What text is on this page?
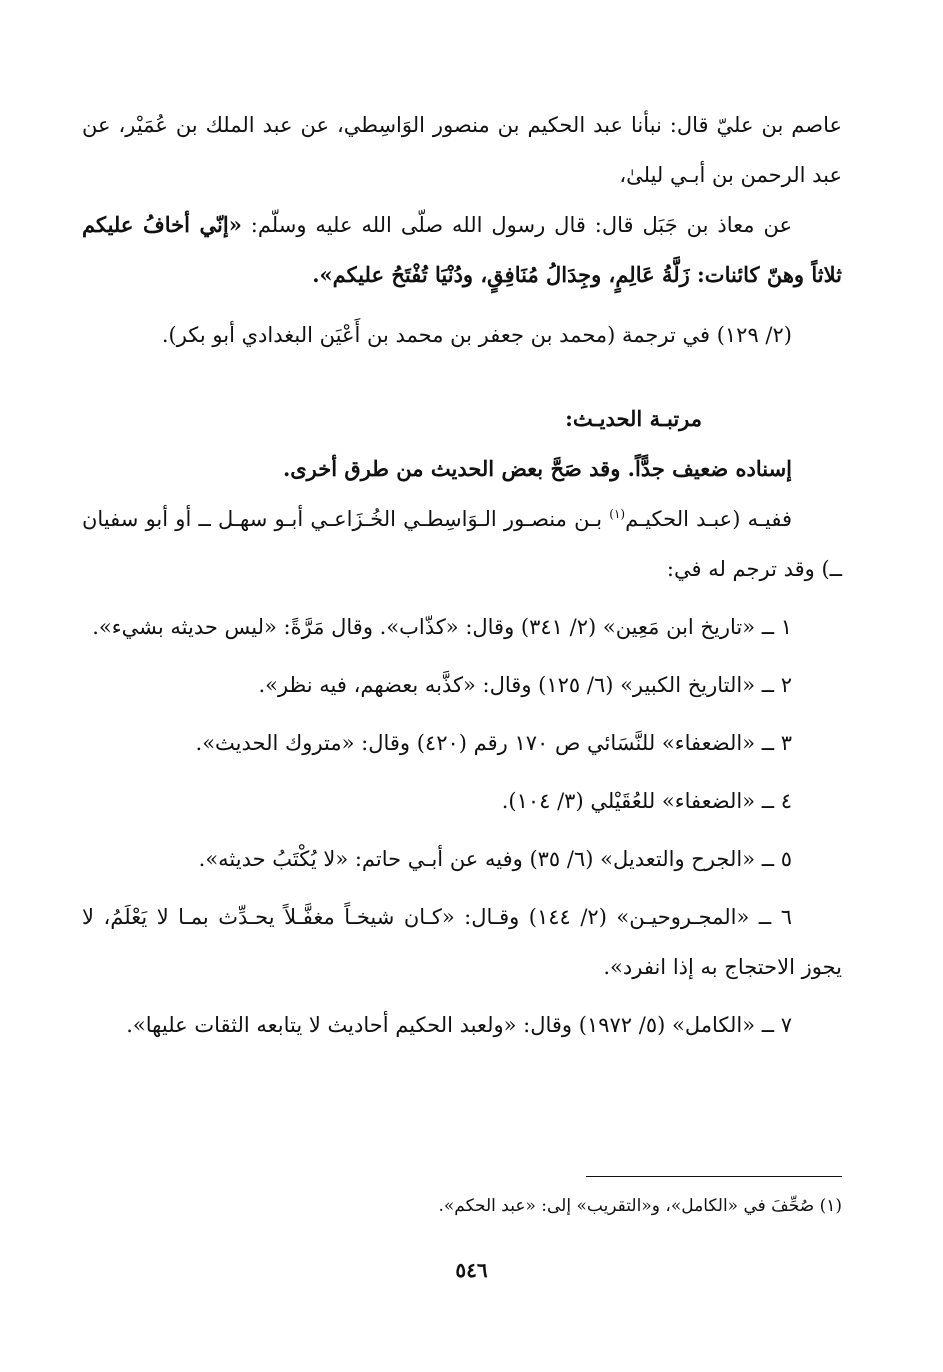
عاصم بن عليّ قال: نبأنا عبد الحكيم بن منصور الوَاسِطي، عن عبد الملك بن عُمَيْر، عن عبد الرحمن بن أبـي ليلىٰ،

عن معاذ بن جَبَل قال: قال رسول الله صلّى الله عليه وسلّم: «إنّي أخافُ عليكم ثلاثاً وهنّ كائنات: زَلَّةُ عَالِمٍ، وجِدَالُ مُنَافِقٍ، ودُنْيَا تُفْتَحُ عليكم».

(٢/ ١٢٩) في ترجمة (محمد بن جعفر بن محمد بن أَعْيَن البغدادي أبو بكر).

مرتبـة الحديـث:

إسناده ضعيف جدًّاً. وقد صَحَّ بعض الحديث من طرق أخرى.

ففيـه (عبـد الحكيـم$^{(١)}$ بـن منصـور الـوَاسِطـي الخُـزَاعـي أبـو سهـل ــ أو أبو سفيان ــ) وقد ترجم له في:

١ ــ «تاريخ ابن مَعِين» (٢/ ٣٤١) وقال: «كذّاب». وقال مَرَّةً: «ليس حديثه بشيء».

٢ ــ «التاريخ الكبير» (٦/ ١٢٥) وقال: «كذَّبه بعضهم، فيه نظر».

٣ ــ «الضعفاء» للنَّسَائي ص ١٧٠ رقم (٤٢٠) وقال: «متروك الحديث».

٤ ــ «الضعفاء» للعُقَيْلي (٣/ ١٠٤).

٥ ــ «الجرح والتعديل» (٦/ ٣٥) وفيه عن أبـي حاتم: «لا يُكْتَبُ حديثه».

٦ ــ «المجـروحيـن» (٢/ ١٤٤) وقـال: «كـان شيخـاً مغفَّـلاً يحـدِّث بمـا لا يَعْلَمُ، لا يجوز الاحتجاج به إذا انفرد».

٧ ــ «الكامل» (٥/ ١٩٧٢) وقال: «ولعبد الحكيم أحاديث لا يتابعه الثقات عليها».

(١) صُحِّفَ في «الكامل»، و«التقريب» إلى: «عبد الحكم».
٥٤٦
